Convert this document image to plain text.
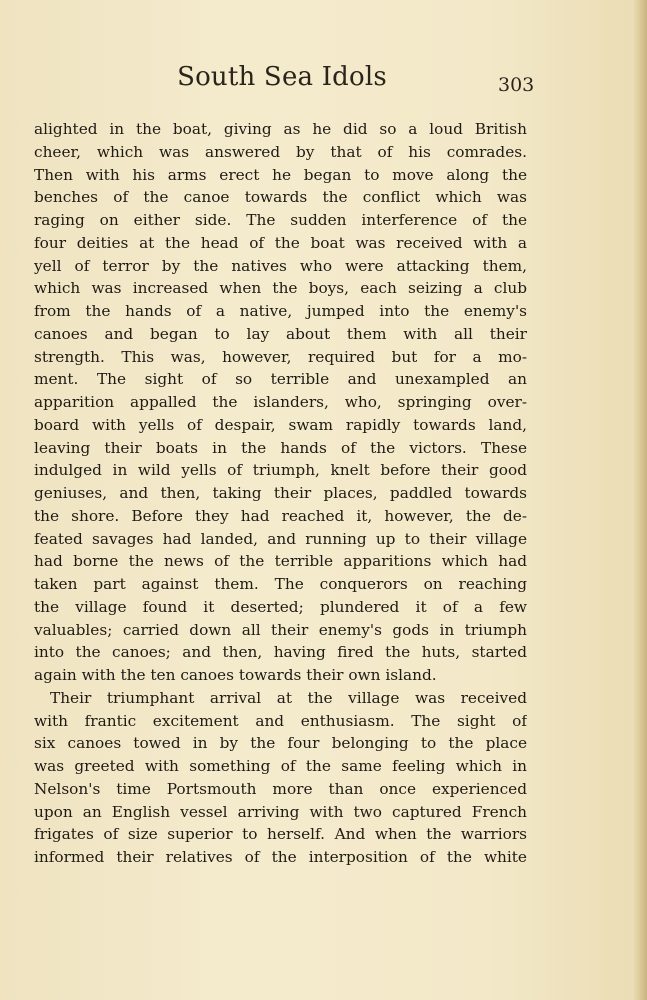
South Sea Idols	303
alighted in the boat, giving as he did so a loud British
cheer, which was answered by that of his comrades.
Then with his arms erect he began to move along the
benches of the canoe towards the conflict which was
raging on either side. The sudden interference of the
four deities at the head of the boat was received with a
yell of terror by the natives who were attacking them,
which was increased when the boys, each seizing a club
from the hands of a native, jumped into the enemy's
canoes and began to lay about them with all their
strength. This was, however, required but for a mo-
ment. The sight of so terrible and unexampled an
apparition appalled the islanders, who, springing over-
board with yells of despair, swam rapidly towards land,
leaving their boats in the hands of the victors. These
indulged in wild yells of triumph, knelt before their good
geniuses, and then, taking their places, paddled towards
the shore. Before they had reached it, however, the de-
feated savages had landed, and running up to their village
had borne the news of the terrible apparitions which had
taken part against them. The conquerors on reaching
the village found it deserted; plundered it of a few
valuables; carried down all their enemy's gods in triumph
into the canoes; and then, having fired the huts, started
again with the ten canoes towards their own island.
Their triumphant arrival at the village was received
with frantic excitement and enthusiasm. The sight of
six canoes towed in by the four belonging to the place
was greeted with something of the same feeling which in
Nelson's time Portsmouth more than once experienced
upon an English vessel arriving with two captured French
frigates of size superior to herself. And when the warriors
informed their relatives of the interposition of the white
